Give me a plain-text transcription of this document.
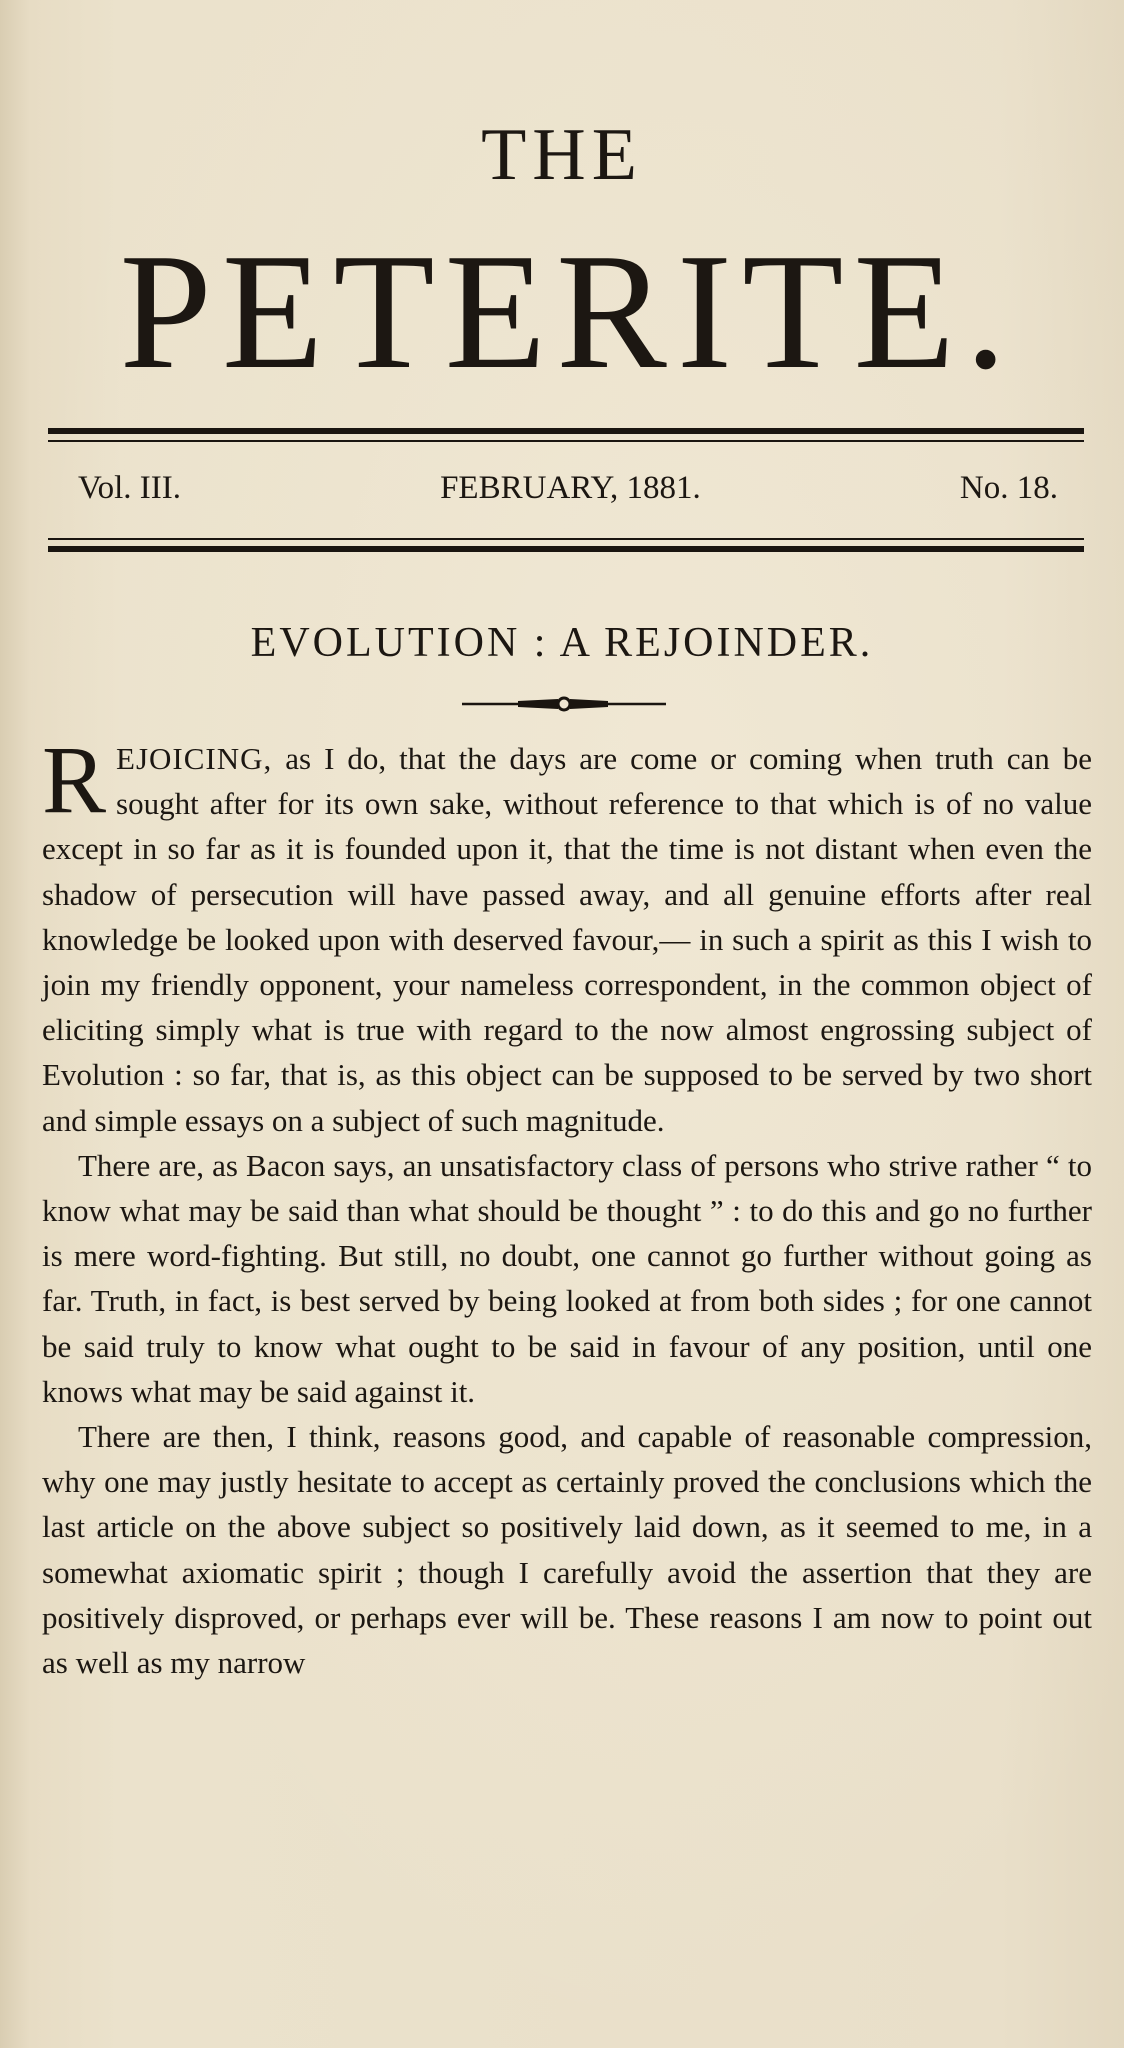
THE
PETERITE.
Vol. III.	FEBRUARY, 1881.	No. 18.
EVOLUTION : A REJOINDER.

REJOICING, as I do, that the days are come or coming when truth can be sought after for its own sake, without reference to that which is of no value except in so far as it is founded upon it, that the time is not distant when even the shadow of persecution will have passed away, and all genuine efforts after real knowledge be looked upon with deserved favour,— in such a spirit as this I wish to join my friendly opponent, your nameless correspondent, in the common object of eliciting simply what is true with regard to the now almost engrossing subject of Evolution : so far, that is, as this object can be supposed to be served by two short and simple essays on a subject of such magnitude.

There are, as Bacon says, an unsatisfactory class of persons who strive rather “ to know what may be said than what should be thought ” : to do this and go no further is mere word-fighting. But still, no doubt, one cannot go further without going as far. Truth, in fact, is best served by being looked at from both sides ; for one cannot be said truly to know what ought to be said in favour of any position, until one knows what may be said against it.

There are then, I think, reasons good, and capable of reasonable compression, why one may justly hesitate to accept as certainly proved the conclusions which the last article on the above subject so positively laid down, as it seemed to me, in a somewhat axiomatic spirit ; though I carefully avoid the assertion that they are positively disproved, or perhaps ever will be. These reasons I am now to point out as well as my narrow
